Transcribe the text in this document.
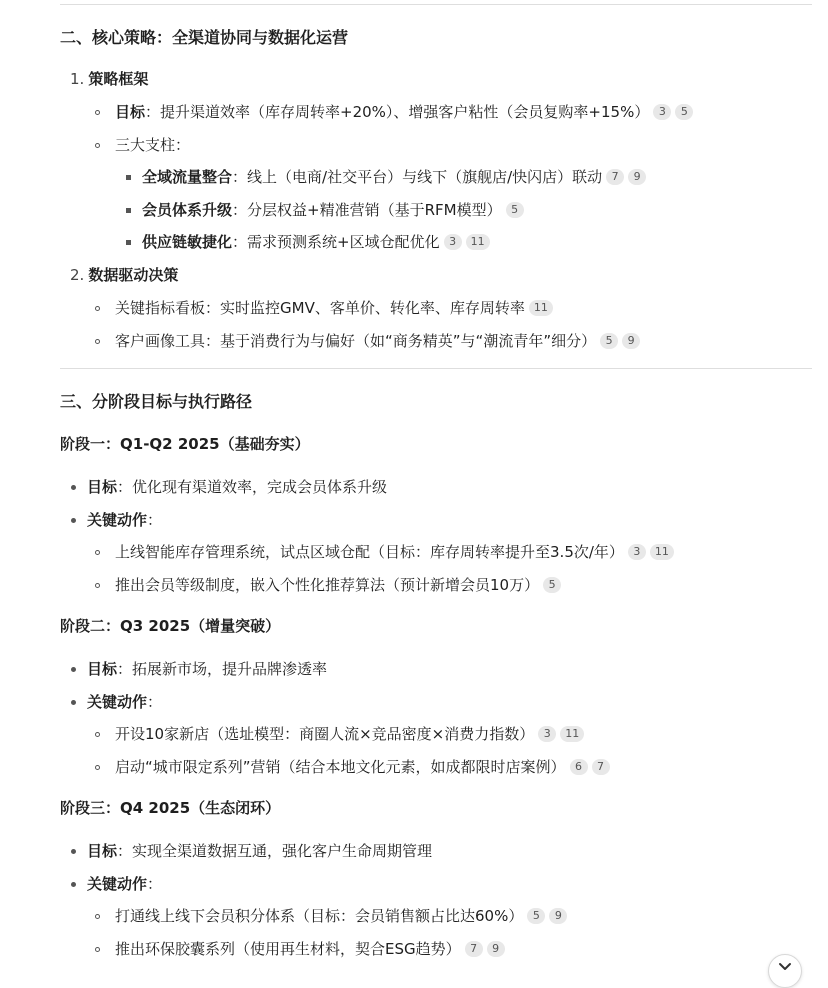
二、核心策略：全渠道协同与数据化运营
1. 策略框架
目标：提升渠道效率（库存周转率+20%）、增强客户粘性（会员复购率+15%） 3 5
三大支柱：
全域流量整合：线上（电商/社交平台）与线下（旗舰店/快闪店）联动 7 9
会员体系升级：分层权益+精准营销（基于RFM模型） 5
供应链敏捷化：需求预测系统+区域仓配优化 3 11
2. 数据驱动决策
关键指标看板：实时监控GMV、客单价、转化率、库存周转率 11
客户画像工具：基于消费行为与偏好（如“商务精英”与“潮流青年”细分） 5 9
三、分阶段目标与执行路径
阶段一：Q1-Q2 2025（基础夯实）
目标：优化现有渠道效率，完成会员体系升级
关键动作：
上线智能库存管理系统，试点区域仓配（目标：库存周转率提升至3.5次/年） 3 11
推出会员等级制度，嵌入个性化推荐算法（预计新增会员10万） 5
阶段二：Q3 2025（增量突破）
目标：拓展新市场，提升品牌渗透率
关键动作：
开设10家新店（选址模型：商圈人流×竞品密度×消费力指数） 3 11
启动“城市限定系列”营销（结合本地文化元素，如成都限时店案例） 6 7
阶段三：Q4 2025（生态闭环）
目标：实现全渠道数据互通，强化客户生命周期管理
关键动作：
打通线上线下会员积分体系（目标：会员销售额占比达60%） 5 9
推出环保胶囊系列（使用再生材料，契合ESG趋势） 7 9
